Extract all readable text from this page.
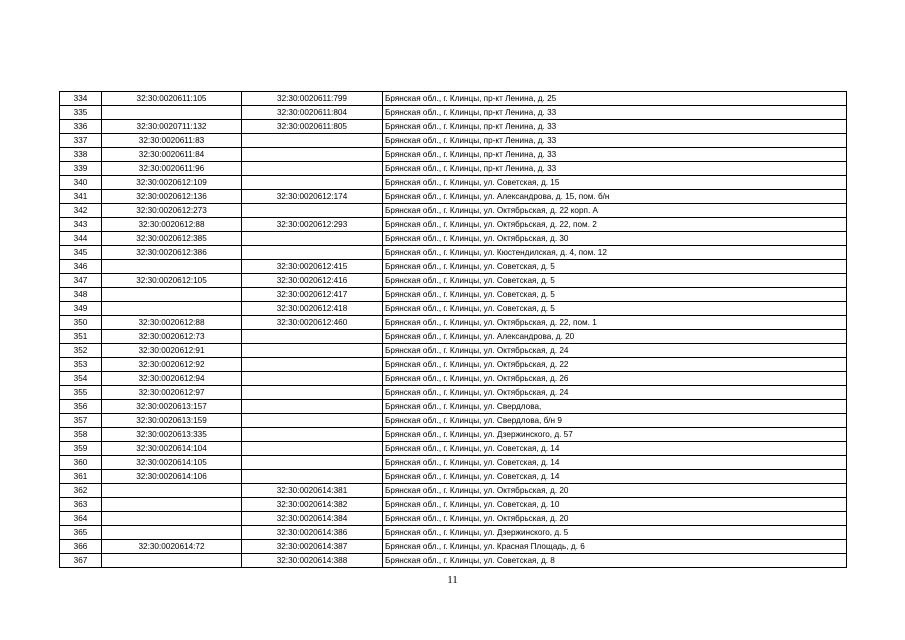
334	32:30:0020611:105	32:30:0020611:799	Брянская обл., г. Клинцы, пр-кт Ленина, д. 25
335		32:30:0020611:804	Брянская обл., г. Клинцы, пр-кт Ленина, д. 33
336	32:30:0020711:132	32:30:0020611:805	Брянская обл., г. Клинцы, пр-кт Ленина, д. 33
337	32:30:0020611:83		Брянская обл., г. Клинцы, пр-кт Ленина, д. 33
338	32:30:0020611:84		Брянская обл., г. Клинцы, пр-кт Ленина, д. 33
339	32:30:0020611:96		Брянская обл., г. Клинцы, пр-кт Ленина, д. 33
340	32:30:0020612:109		Брянская обл., г. Клинцы, ул. Советская, д. 15
341	32:30:0020612:136	32:30:0020612:174	Брянская обл., г. Клинцы, ул. Александрова, д. 15, пом. б/н
342	32:30:0020612:273		Брянская обл., г. Клинцы, ул. Октябрьская, д. 22 корп. А
343	32:30:0020612:88	32:30:0020612:293	Брянская обл., г. Клинцы, ул. Октябрьская, д. 22, пом. 2
344	32:30:0020612:385		Брянская обл., г. Клинцы, ул. Октябрьская, д. 30
345	32:30:0020612:386		Брянская обл., г. Клинцы, ул. Кюстендилская, д. 4, пом. 12
346		32:30:0020612:415	Брянская обл., г. Клинцы, ул. Советская, д. 5
347	32:30:0020612:105	32:30:0020612:416	Брянская обл., г. Клинцы, ул. Советская, д. 5
348		32:30:0020612:417	Брянская обл., г. Клинцы, ул. Советская, д. 5
349		32:30:0020612:418	Брянская обл., г. Клинцы, ул. Советская, д. 5
350	32:30:0020612:88	32:30:0020612:460	Брянская обл., г. Клинцы, ул. Октябрьская, д. 22, пом. 1
351	32:30:0020612:73		Брянская обл., г. Клинцы, ул. Александрова, д. 20
352	32:30:0020612:91		Брянская обл., г. Клинцы, ул. Октябрьская, д. 24
353	32:30:0020612:92		Брянская обл., г. Клинцы, ул. Октябрьская, д. 22
354	32:30:0020612:94		Брянская обл., г. Клинцы, ул. Октябрьская, д. 26
355	32:30:0020612:97		Брянская обл., г. Клинцы, ул. Октябрьская, д. 24
356	32:30:0020613:157		Брянская обл., г. Клинцы, ул. Свердлова,
357	32:30:0020613:159		Брянская обл., г. Клинцы, ул. Свердлова, б/н 9
358	32:30:0020613:335		Брянская обл., г. Клинцы, ул. Дзержинского, д. 57
359	32:30:0020614:104		Брянская обл., г. Клинцы, ул. Советская, д. 14
360	32:30:0020614:105		Брянская обл., г. Клинцы, ул. Советская, д. 14
361	32:30:0020614:106		Брянская обл., г. Клинцы, ул. Советская, д. 14
362		32:30:0020614:381	Брянская обл., г. Клинцы, ул. Октябрьская, д. 20
363		32:30:0020614:382	Брянская обл., г. Клинцы, ул. Советская, д. 10
364		32:30:0020614:384	Брянская обл., г. Клинцы, ул. Октябрьская, д. 20
365		32:30:0020614:386	Брянская обл., г. Клинцы, ул. Дзержинского, д. 5
366	32:30:0020614:72	32:30:0020614:387	Брянская обл., г. Клинцы, ул. Красная Площадь, д. 6
367		32:30:0020614:388	Брянская обл., г. Клинцы, ул. Советская, д. 8
11
